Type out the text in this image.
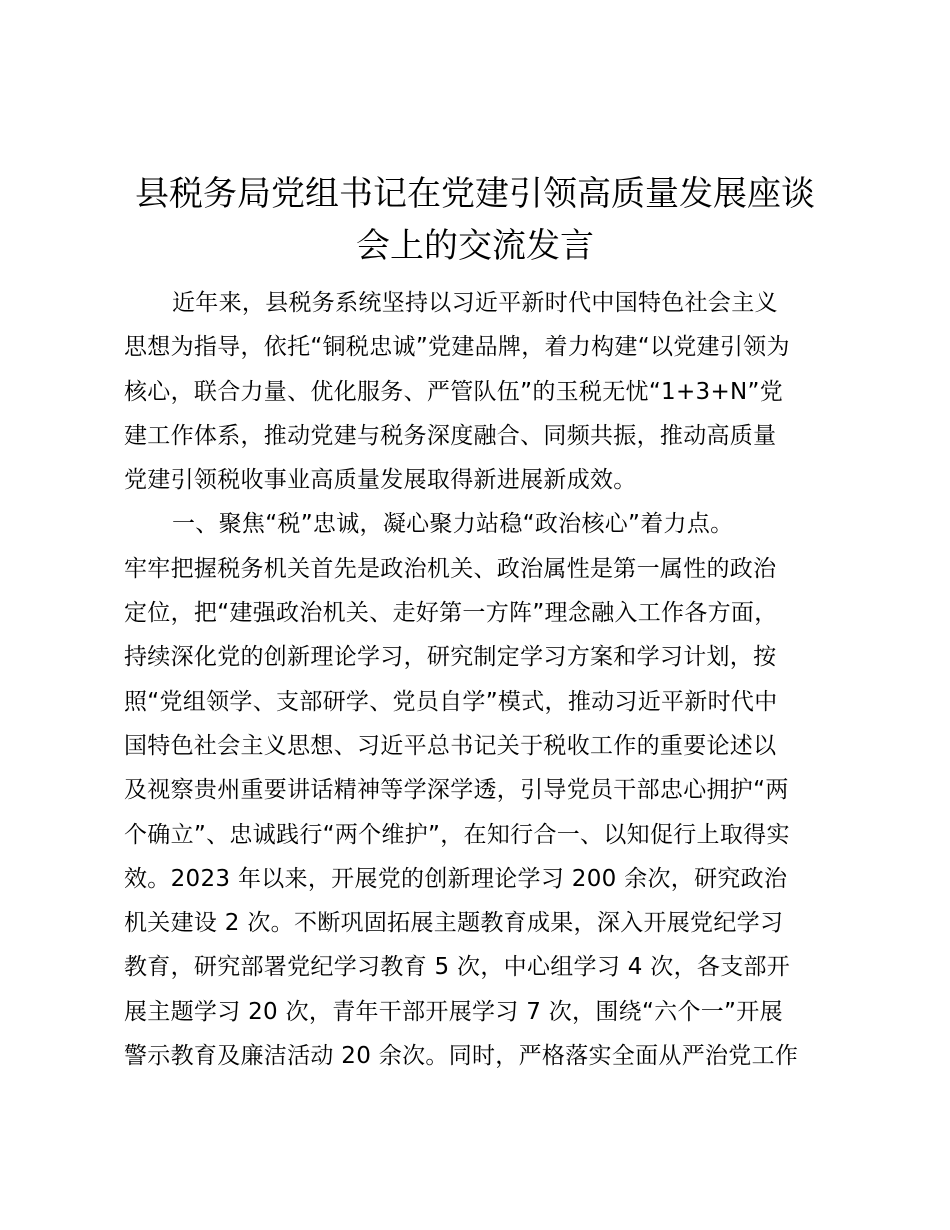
县税务局党组书记在党建引领高质量发展座谈
会上的交流发言
近年来，县税务系统坚持以习近平新时代中国特色社会主义
思想为指导，依托“铜税忠诚”党建品牌，着力构建“以党建引领为
核心，联合力量、优化服务、严管队伍”的玉税无忧“1+3+N”党
建工作体系，推动党建与税务深度融合、同频共振，推动高质量
党建引领税收事业高质量发展取得新进展新成效。
一、聚焦“税”忠诚，凝心聚力站稳“政治核心”着力点。
牢牢把握税务机关首先是政治机关、政治属性是第一属性的政治
定位，把“建强政治机关、走好第一方阵”理念融入工作各方面，
持续深化党的创新理论学习，研究制定学习方案和学习计划，按
照“党组领学、支部研学、党员自学”模式，推动习近平新时代中
国特色社会主义思想、习近平总书记关于税收工作的重要论述以
及视察贵州重要讲话精神等学深学透，引导党员干部忠心拥护“两
个确立”、忠诚践行“两个维护”，在知行合一、以知促行上取得实
效。2023 年以来，开展党的创新理论学习 200 余次，研究政治
机关建设 2 次。不断巩固拓展主题教育成果，深入开展党纪学习
教育，研究部署党纪学习教育 5 次，中心组学习 4 次，各支部开
展主题学习 20 次，青年干部开展学习 7 次，围绕“六个一”开展
警示教育及廉洁活动 20 余次。同时，严格落实全面从严治党工作
